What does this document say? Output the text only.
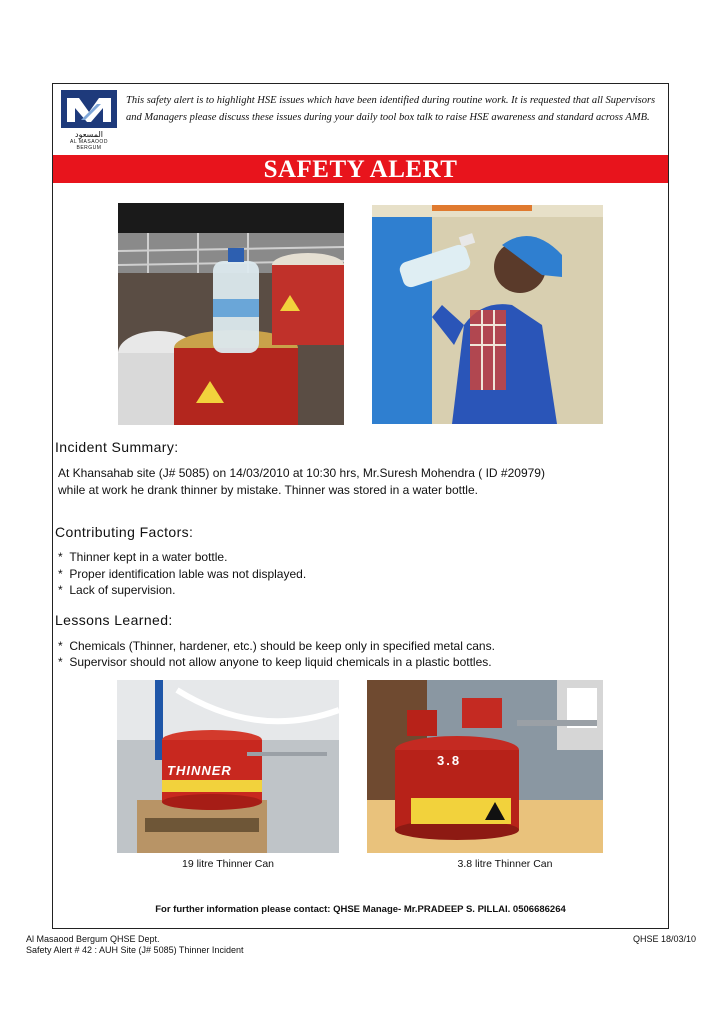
المسعود
AL MASAOOD
BERGUM
This safety alert is to highlight HSE issues which have been identified during routine work. It is requested that all Supervisors and Managers please discuss these issues during your daily tool box talk to raise HSE awareness and standard across AMB.
SAFETY ALERT
Incident Summary:
At Khansahab site (J# 5085) on 14/03/2010 at 10:30 hrs, Mr.Suresh Mohendra ( ID #20979)
while at work he drank thinner by mistake. Thinner was stored in a water bottle.
Contributing Factors:
*  Thinner kept in a water bottle.
*  Proper identification lable was not displayed.
*  Lack of supervision.
Lessons Learned:
*  Chemicals (Thinner, hardener, etc.) should be keep only in specified metal cans.
*  Supervisor should not allow anyone to keep liquid chemicals in a plastic bottles.
THINNER
3.8
19 litre Thinner Can	3.8 litre Thinner Can
For further information please contact: QHSE Manage- Mr.PRADEEP S. PILLAI. 0506686264
Al Masaood Bergum QHSE Dept.
Safety Alert # 42 : AUH Site (J# 5085) Thinner Incident
QHSE 18/03/10
